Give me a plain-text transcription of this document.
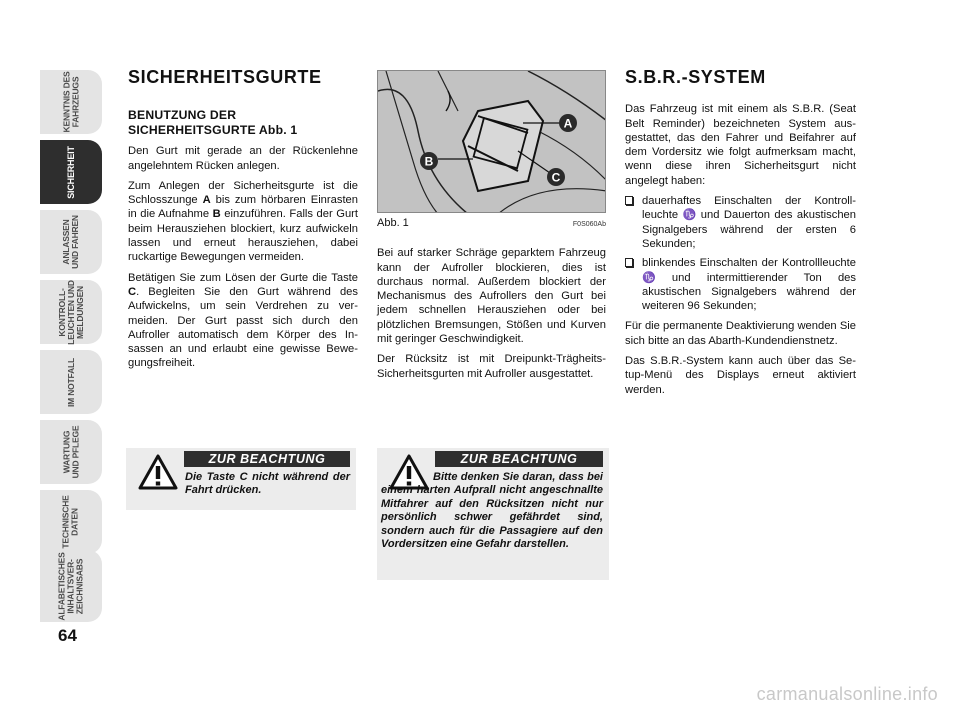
KENNTNIS DES
FAHRZEUGS
SICHERHEIT
ANLASSEN
UND FAHREN
KONTROLL-
LEUCHTEN UND
MELDUNGEN
IM NOTFALL
WARTUNG
UND PFLEGE
TECHNISCHE
DATEN
ALFABETISCHES
INHALTSVER-
ZEICHNISABS
64
SICHERHEITSGURTE
BENUTZUNG DER
SICHERHEITSGURTE Abb. 1

Den Gurt mit gerade an der Rückenlehne angelehntem Rücken anlegen.

Zum Anlegen der Sicherheitsgurte ist die Schlosszunge A bis zum hörbaren Einrasten in die Aufnahme B einzuführen. Falls der Gurt beim Herausziehen blockiert, kurz aufwickeln lassen und erneut herausziehen, dabei ruckartige Bewegungen vermeiden.

Betätigen Sie zum Lösen der Gurte die Taste C. Begleiten Sie den Gurt während des Aufwickelns, um sein Verdrehen zu vermeiden. Der Gurt passt sich durch den Aufroller automatisch dem Körper des Insassen an und erlaubt eine gewisse Bewegungsfreiheit.

A
B
C
Abb. 1	F0S060Ab

Bei auf starker Schräge geparktem Fahrzeug kann der Aufroller blockieren, dies ist durchaus normal. Außerdem blockiert der Mechanismus des Aufrollers den Gurt bei jedem schnellen Herausziehen oder bei plötzlichen Bremsungen, Stößen und Kurven mit geringer Geschwindigkeit.

Der Rücksitz ist mit Dreipunkt-TrägheitsSicherheitsgurten mit Aufroller ausgestattet.

S.B.R.-SYSTEM

Das Fahrzeug ist mit einem als S.B.R. (Seat Belt Reminder) bezeichneten System ausgestattet, das den Fahrer und Beifahrer auf dem Vordersitz wie folgt aufmerksam macht, wenn diese ihren Sicherheitsgurt nicht angelegt haben:

dauerhaftes Einschalten der Kontrollleuchte ♑ und Dauerton des akustischen Signalgebers während der ersten 6 Sekunden;
blinkendes Einschalten der Kontrollleuchte ♑ und intermittierender Ton des akustischen Signalgebers während der weiteren 96 Sekunden;

Für die permanente Deaktivierung wenden Sie sich bitte an das Abarth-Kundendienstnetz.

Das S.B.R.-System kann auch über das Setup-Menü des Displays erneut aktiviert werden.

ZUR BEACHTUNG
Die Taste C nicht während der Fahrt drücken.
ZUR BEACHTUNG
Bitte denken Sie daran, dass bei einem harten Aufprall nicht angeschnallte Mitfahrer auf den Rücksitzen nicht nur persönlich schwer gefährdet sind, sondern auch für die Passagiere auf den Vordersitzen eine Gefahr darstellen.
carmanualsonline.info
